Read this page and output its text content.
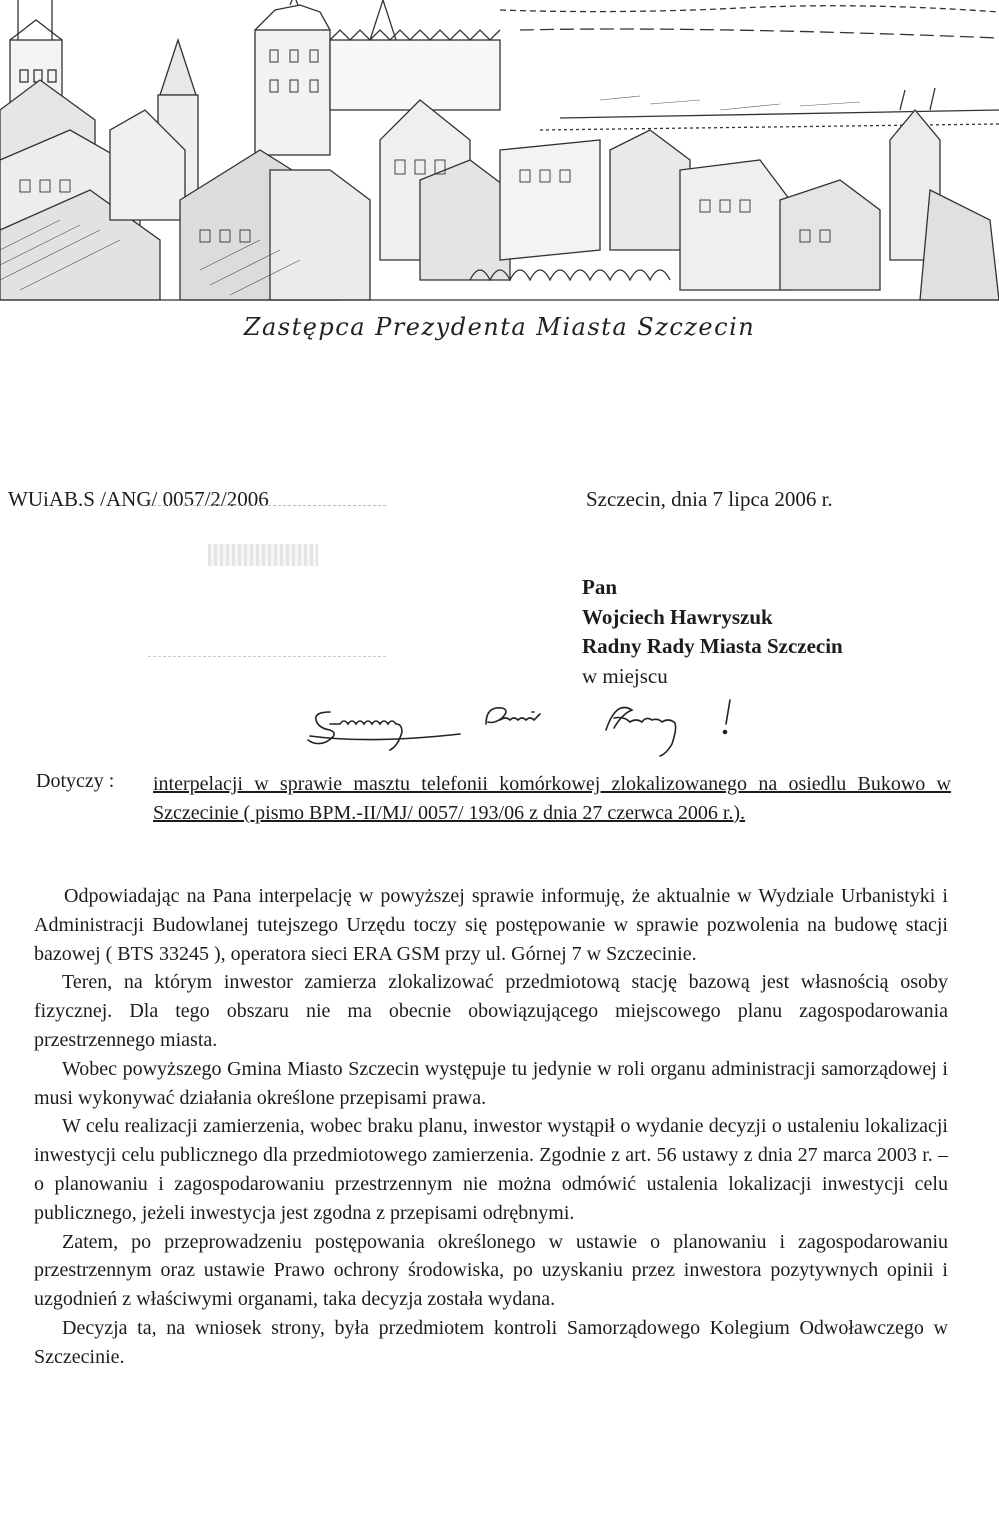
Zastępca Prezydenta Miasta Szczecin
WUiAB.S /ANG/ 0057/2/2006	Szczecin, dnia 7 lipca 2006 r.
Pan
Wojciech Hawryszuk
Radny Rady Miasta Szczecin
w miejscu
Dotyczy : interpelacji w sprawie masztu telefonii komórkowej zlokalizowanego na osiedlu Bukowo w Szczecinie ( pismo BPM.-II/MJ/ 0057/ 193/06 z dnia 27 czerwca 2006 r.).

Odpowiadając na Pana interpelację w powyższej sprawie informuję, że aktualnie w Wydziale Urbanistyki i Administracji Budowlanej tutejszego Urzędu toczy się postępowanie w sprawie pozwolenia na budowę stacji bazowej ( BTS 33245 ), operatora sieci ERA GSM przy ul. Górnej 7 w Szczecinie.

Teren, na którym inwestor zamierza zlokalizować przedmiotową stację bazową jest własnością osoby fizycznej. Dla tego obszaru nie ma obecnie obowiązującego miejscowego planu zagospodarowania przestrzennego miasta.

Wobec powyższego Gmina Miasto Szczecin występuje tu jedynie w roli organu administracji samorządowej i musi wykonywać działania określone przepisami prawa.

W celu realizacji zamierzenia, wobec braku planu, inwestor wystąpił o wydanie decyzji o ustaleniu lokalizacji inwestycji celu publicznego dla przedmiotowego zamierzenia. Zgodnie z art. 56 ustawy z dnia 27 marca 2003 r. – o planowaniu i zagospodarowaniu przestrzennym nie można odmówić ustalenia lokalizacji inwestycji celu publicznego, jeżeli inwestycja jest zgodna z przepisami odrębnymi.

Zatem, po przeprowadzeniu postępowania określonego w ustawie o planowaniu i zagospodarowaniu przestrzennym oraz ustawie Prawo ochrony środowiska, po uzyskaniu przez inwestora pozytywnych opinii i uzgodnień z właściwymi organami, taka decyzja została wydana.

Decyzja ta, na wniosek strony, była przedmiotem kontroli Samorządowego Kolegium Odwoławczego w Szczecinie.
